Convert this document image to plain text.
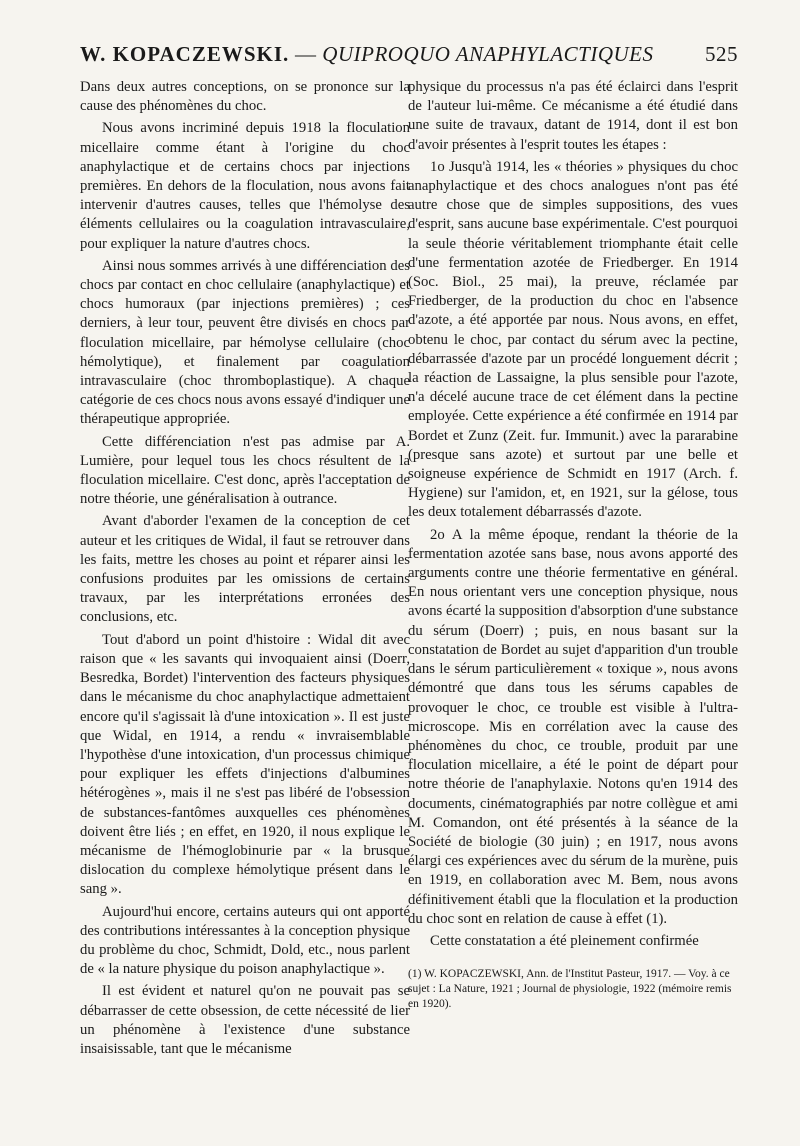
W. KOPACZEWSKI. — QUIPROQUO ANAPHYLACTIQUES 525

Dans deux autres conceptions, on se prononce sur la cause des phénomènes du choc.

Nous avons incriminé depuis 1918 la floculation micellaire comme étant à l'origine du choc anaphylactique et de certains chocs par injections premières. En dehors de la floculation, nous avons fait intervenir d'autres causes, telles que l'hémolyse des éléments cellulaires ou la coagulation intravasculaire, pour expliquer la nature d'autres chocs.

Ainsi nous sommes arrivés à une différenciation des chocs par contact en choc cellulaire (anaphylactique) et chocs humoraux (par injections premières) ; ces derniers, à leur tour, peuvent être divisés en chocs par floculation micellaire, par hémolyse cellulaire (choc hémolytique), et finalement par coagulation intravasculaire (choc thromboplastique). A chaque catégorie de ces chocs nous avons essayé d'indiquer une thérapeutique appropriée.

Cette différenciation n'est pas admise par A. Lumière, pour lequel tous les chocs résultent de la floculation micellaire. C'est donc, après l'acceptation de notre théorie, une généralisation à outrance.

Avant d'aborder l'examen de la conception de cet auteur et les critiques de Widal, il faut se retrouver dans les faits, mettre les choses au point et réparer ainsi les confusions produites par les omissions de certains travaux, par les interprétations erronées des conclusions, etc.

Tout d'abord un point d'histoire : Widal dit avec raison que « les savants qui invoquaient ainsi (Doerr, Besredka, Bordet) l'intervention des facteurs physiques dans le mécanisme du choc anaphylactique admettaient encore qu'il s'agissait là d'une intoxication ». Il est juste que Widal, en 1914, a rendu « invraisemblable l'hypothèse d'une intoxication, d'un processus chimique pour expliquer les effets d'injections d'albumines hétérogènes », mais il ne s'est pas libéré de l'obsession de substances-fantômes auxquelles ces phénomènes doivent être liés ; en effet, en 1920, il nous explique le mécanisme de l'hémoglobinurie par « la brusque dislocation du complexe hémolytique présent dans le sang ».

Aujourd'hui encore, certains auteurs qui ont apporté des contributions intéressantes à la conception physique du problème du choc, Schmidt, Dold, etc., nous parlent de « la nature physique du poison anaphylactique ».

Il est évident et naturel qu'on ne pouvait pas se débarrasser de cette obsession, de cette nécessité de lier un phénomène à l'existence d'une substance insaisissable, tant que le mécanisme

physique du processus n'a pas été éclairci dans l'esprit de l'auteur lui-même. Ce mécanisme a été étudié dans une suite de travaux, datant de 1914, dont il est bon d'avoir présentes à l'esprit toutes les étapes :

1o Jusqu'à 1914, les « théories » physiques du choc anaphylactique et des chocs analogues n'ont pas été autre chose que de simples suppositions, des vues d'esprit, sans aucune base expérimentale. C'est pourquoi la seule théorie véritablement triomphante était celle d'une fermentation azotée de Friedberger. En 1914 (Soc. Biol., 25 mai), la preuve, réclamée par Friedberger, de la production du choc en l'absence d'azote, a été apportée par nous. Nous avons, en effet, obtenu le choc, par contact du sérum avec la pectine, débarrassée d'azote par un procédé longuement décrit ; la réaction de Lassaigne, la plus sensible pour l'azote, n'a décelé aucune trace de cet élément dans la pectine employée. Cette expérience a été confirmée en 1914 par Bordet et Zunz (Zeit. fur. Immunit.) avec la pararabine (presque sans azote) et surtout par une belle et soigneuse expérience de Schmidt en 1917 (Arch. f. Hygiene) sur l'amidon, et, en 1921, sur la gélose, tous les deux totalement débarrassés d'azote.

2o A la même époque, rendant la théorie de la fermentation azotée sans base, nous avons apporté des arguments contre une théorie fermentative en général. En nous orientant vers une conception physique, nous avons écarté la supposition d'absorption d'une substance du sérum (Doerr) ; puis, en nous basant sur la constatation de Bordet au sujet d'apparition d'un trouble dans le sérum particulièrement « toxique », nous avons démontré que dans tous les sérums capables de provoquer le choc, ce trouble est visible à l'ultra-microscope. Mis en corrélation avec la cause des phénomènes du choc, ce trouble, produit par une floculation micellaire, a été le point de départ pour notre théorie de l'anaphylaxie. Notons qu'en 1914 des documents, cinématographiés par notre collègue et ami M. Comandon, ont été présentés à la séance de la Société de biologie (30 juin) ; en 1917, nous avons élargi ces expériences avec du sérum de la murène, puis en 1919, en collaboration avec M. Bem, nous avons définitivement établi que la floculation et la production du choc sont en relation de cause à effet (1).

Cette constatation a été pleinement confirmée

(1) W. KOPACZEWSKI, Ann. de l'Institut Pasteur, 1917. — Voy. à ce sujet : La Nature, 1921 ; Journal de physiologie, 1922 (mémoire remis en 1920).
